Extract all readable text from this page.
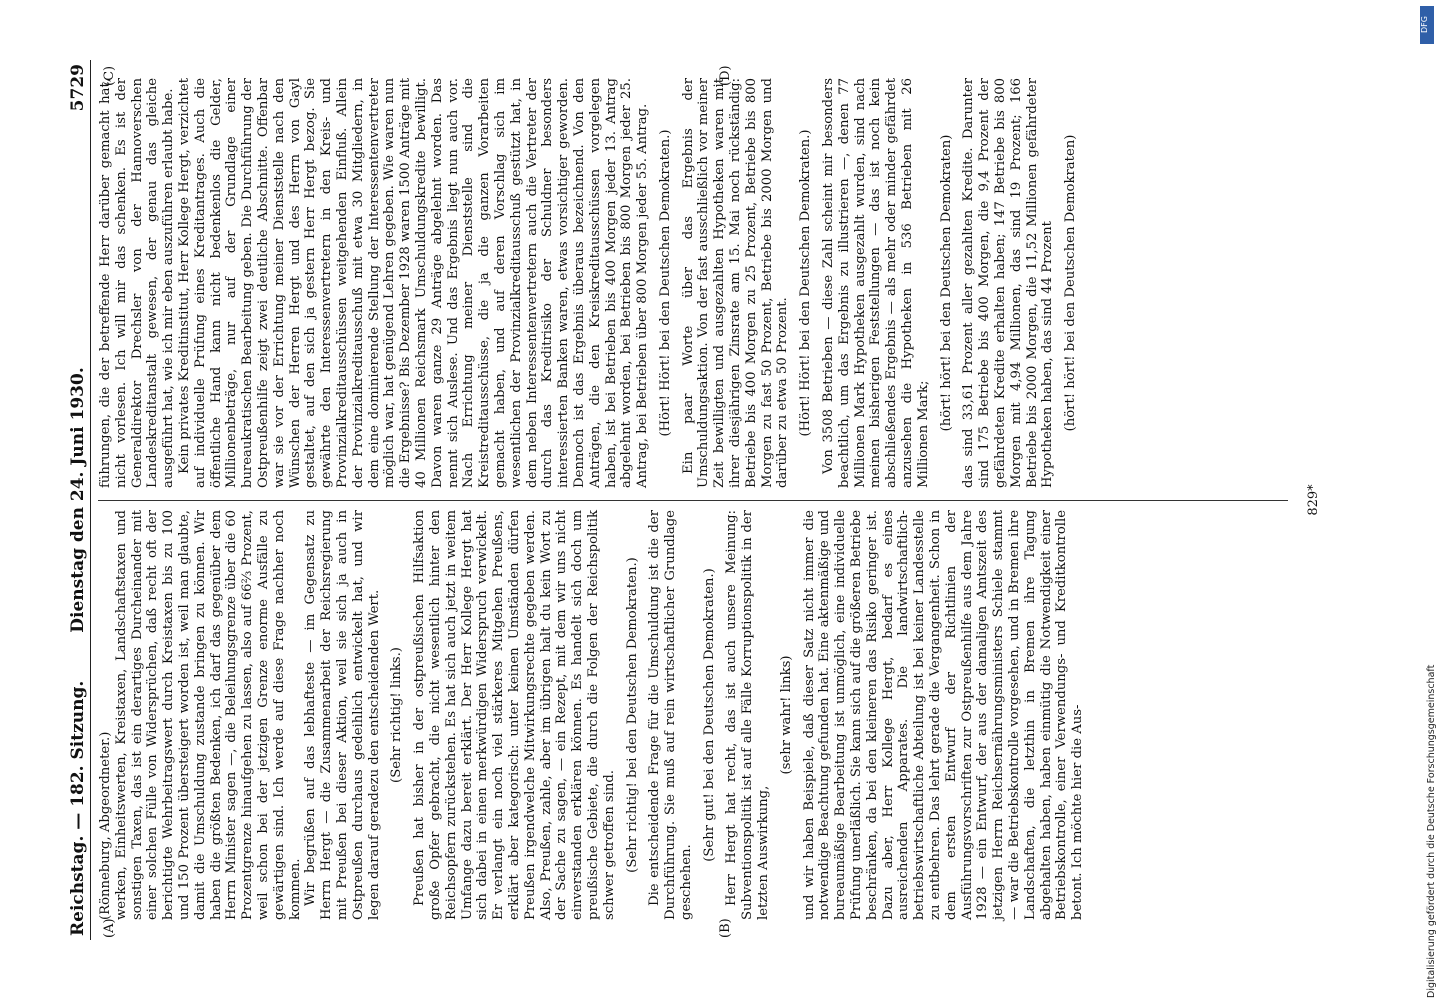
Reichstag. — 182. Sitzung.
Dienstag den 24. Juni 1930.
5729
(A)	(B)
(C)	(D)

(Rönneburg, Abgeordneter.) werken, Einheitswerten, Kreistaxen, Landschaftstaxen und sonstigen Taxen, das ist ein derartiges Durcheinander mit einer solchen Fülle von Widersprüchen, daß recht oft der berichtigte Wehrbeitragswert durch Kreistaxen bis zu 100 und 150 Prozent übersteigert worden ist, weil man glaubte, damit die Umschuldung zustande bringen zu können. Wir haben die größten Bedenken, ich darf das gegenüber dem Herrn Minister sagen —, die Beleihungsgrenze über die 60 Prozentgrenze hinaufgehen zu lassen, also auf 66⅔ Prozent, weil schon bei der jetzigen Grenze enorme Ausfälle zu gewärtigen sind. Ich werde auf diese Frage nachher noch kommen. Wir begrüßen auf das lebhafteste — im Gegensatz zu Herrn Hergt — die Zusammenarbeit der Reichsregierung mit Preußen bei dieser Aktion, weil sie sich ja auch in Ostpreußen durchaus gedeihlich entwickelt hat, und wir legen darauf geradezu den entscheidenden Wert. (Sehr richtig! links.) Preußen hat bisher in der ostpreußischen Hilfsaktion große Opfer gebracht, die nicht wesentlich hinter den Reichsopfern zurückstehen. Es hat sich auch jetzt in weitem Umfange dazu bereit erklärt. Der Herr Kollege Hergt hat sich dabei in einen merkwürdigen Widerspruch verwickelt. Er verlangt ein noch viel stärkeres Mitgehen Preußens, erklärt aber kategorisch: unter keinen Umständen dürfen Preußen irgendwelche Mitwirkungsrechte gegeben werden. Also, Preußen, zahle, aber im übrigen halt du kein Wort zu der Sache zu sagen, — ein Rezept, mit dem wir uns nicht einverstanden erklären können. Es handelt sich doch um preußische Gebiete, die durch die Folgen der Reichspolitik schwer getroffen sind. (Sehr richtig! bei den Deutschen Demokraten.) Die entscheidende Frage für die Umschuldung ist die der Durchführung. Sie muß auf rein wirtschaftlicher Grundlage geschehen.

(Sehr gut! bei den Deutschen Demokraten.) Herr Hergt hat recht, das ist auch unsere Meinung: Subventionspolitik ist auf alle Fälle Korruptionspolitik in der letzten Auswirkung,

(sehr wahr! links) und wir haben Beispiele, daß dieser Satz nicht immer die notwendige Beachtung gefunden hat. Eine aktenmäßige und bureaumäßige Bearbeitung ist unmöglich, eine individuelle Prüfung unerläßlich. Sie kann sich auf die größeren Betriebe beschränken, da bei den kleineren das Risiko geringer ist. Dazu aber, Herr Kollege Hergt, bedarf es eines ausreichenden Apparates. Die landwirtschaftlich-betriebswirtschaftliche Abteilung ist bei keiner Landesstelle zu entbehren. Das lehrt gerade die Vergangenheit. Schon in dem ersten Entwurf der Richtlinien der Ausführungsvorschriften zur Ostpreußenhilfe aus dem Jahre 1928 — ein Entwurf, der aus der damaligen Amtszeit des jetzigen Herrn Reichsernährungsministers Schiele stammt — war die Betriebskontrolle vorgesehen, und in Bremen ihre Landschaften, die letzthin in Bremen ihre Tagung abgehalten haben, haben einmütig die Notwendigkeit einer Betriebskontrolle, einer Verwendungs- und Kreditkontrolle betont. Ich möchte hier die Aus-

führungen, die der betreffende Herr darüber gemacht hat, nicht vorlesen. Ich will mir das schenken. Es ist der Generaldirektor Drechsler von der Hannoverschen Landeskreditanstalt gewesen, der genau das gleiche ausgeführt hat, wie ich mir eben auszuführen erlaubt habe. Kein privates Kreditinstitut, Herr Kollege Hergt, verzichtet auf individuelle Prüfung eines Kreditantrages. Auch die öffentliche Hand kann nicht bedenkenlos die Gelder, Millionenbeträge, nur auf der Grundlage einer bureaukratischen Bearbeitung geben. Die Durchführung der Ostpreußenhilfe zeigt zwei deutliche Abschnitte. Offenbar war sie vor der Errichtung meiner Dienststelle nach den Wünschen der Herren Hergt und des Herrn von Gayl gestaltet, auf den sich ja gestern Herr Hergt bezog. Sie gewährte den Interessenvertretern in den Kreis- und Provinzialkreditausschüssen weitgehenden Einfluß. Allein der Provinzialkreditausschuß mit etwa 30 Mitgliedern, in dem eine dominierende Stellung der Interessentenvertreter möglich war, hat genügend Lehren gegeben. Wie waren nun die Ergebnisse? Bis Dezember 1928 waren 1500 Anträge mit 40 Millionen Reichsmark Umschuldungskredite bewilligt. Davon waren ganze 29 Anträge abgelehnt worden. Das nennt sich Auslese. Und das Ergebnis liegt nun auch vor. Nach Errichtung meiner Dienststelle sind die Kreistreditausschüsse, die ja die ganzen Vorarbeiten gemacht haben, und auf deren Vorschlag sich im wesentlichen der Provinzialkreditausschuß gestützt hat, in dem neben Interessentenvertretern auch die Vertreter der durch das Kreditrisiko der Schuldner besonders interessierten Banken waren, etwas vorsichtiger geworden. Dennoch ist das Ergebnis überaus bezeichnend. Von den Anträgen, die den Kreiskreditausschüssen vorgelegen haben, ist bei Betrieben bis 400 Morgen jeder 13. Antrag abgelehnt worden, bei Betrieben bis 800 Morgen jeder 25. Antrag, bei Betrieben über 800 Morgen jeder 55. Antrag. (Hört! Hört! bei den Deutschen Demokraten.) Ein paar Worte über das Ergebnis der Umschuldungsaktion. Von der fast ausschließlich vor meiner Zeit bewilligten und ausgezahlten Hypotheken waren mit ihrer diesjährigen Zinsrate am 15. Mai noch rückständig: Betriebe bis 400 Morgen zu 25 Prozent, Betriebe bis 800 Morgen zu fast 50 Prozent, Betriebe bis 2000 Morgen und darüber zu etwa 50 Prozent. (Hört! Hört! bei den Deutschen Demokraten.) Von 3508 Betrieben — diese Zahl scheint mir besonders beachtlich, um das Ergebnis zu illustrieren —, denen 77 Millionen Mark Hypotheken ausgezahlt wurden, sind nach meinen bisherigen Feststellungen — das ist noch kein abschließendes Ergebnis — als mehr oder minder gefährdet anzusehen die Hypotheken in 536 Betrieben mit 26 Millionen Mark;

(hört! hört! bei den Deutschen Demokraten) das sind 33,61 Prozent aller gezahlten Kredite. Darunter sind 175 Betriebe bis 400 Morgen, die 9,4 Prozent der gefährdeten Kredite erhalten haben; 147 Betriebe bis 800 Morgen mit 4,94 Millionen, das sind 19 Prozent; 166 Betriebe bis 2000 Morgen, die 11,52 Millionen gefährdeter Hypotheken haben, das sind 44 Prozent (hört! hört! bei den Deutschen Demokraten)

829*
Digitalisierung gefördert durch die Deutsche Forschungsgemeinschaft
DFG
